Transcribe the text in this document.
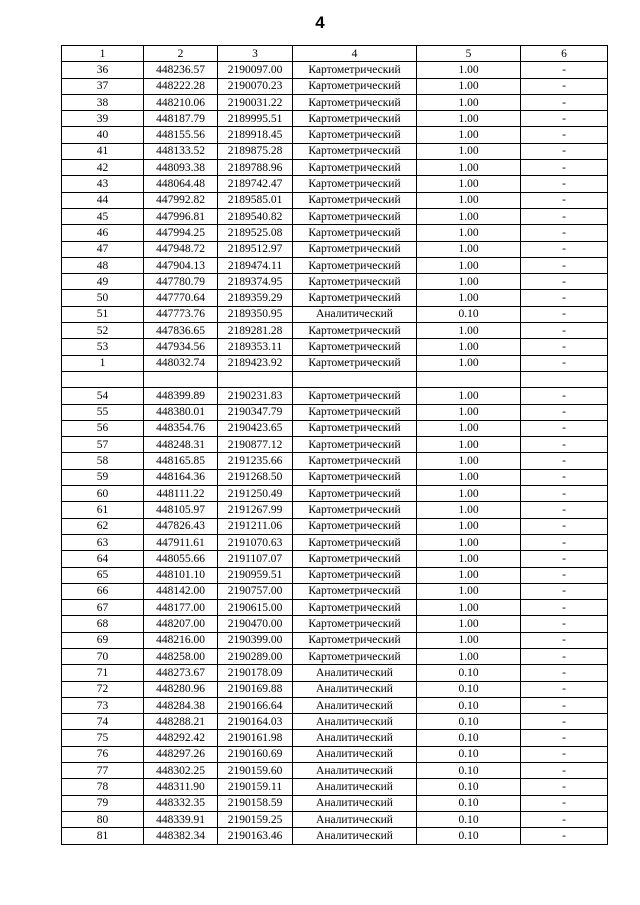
4
1	2	3	4	5	6
36	448236.57	2190097.00	Картометрический	1.00	-
37	448222.28	2190070.23	Картометрический	1.00	-
38	448210.06	2190031.22	Картометрический	1.00	-
39	448187.79	2189995.51	Картометрический	1.00	-
40	448155.56	2189918.45	Картометрический	1.00	-
41	448133.52	2189875.28	Картометрический	1.00	-
42	448093.38	2189788.96	Картометрический	1.00	-
43	448064.48	2189742.47	Картометрический	1.00	-
44	447992.82	2189585.01	Картометрический	1.00	-
45	447996.81	2189540.82	Картометрический	1.00	-
46	447994.25	2189525.08	Картометрический	1.00	-
47	447948.72	2189512.97	Картометрический	1.00	-
48	447904.13	2189474.11	Картометрический	1.00	-
49	447780.79	2189374.95	Картометрический	1.00	-
50	447770.64	2189359.29	Картометрический	1.00	-
51	447773.76	2189350.95	Аналитический	0.10	-
52	447836.65	2189281.28	Картометрический	1.00	-
53	447934.56	2189353.11	Картометрический	1.00	-
1	448032.74	2189423.92	Картометрический	1.00	-

54	448399.89	2190231.83	Картометрический	1.00	-
55	448380.01	2190347.79	Картометрический	1.00	-
56	448354.76	2190423.65	Картометрический	1.00	-
57	448248.31	2190877.12	Картометрический	1.00	-
58	448165.85	2191235.66	Картометрический	1.00	-
59	448164.36	2191268.50	Картометрический	1.00	-
60	448111.22	2191250.49	Картометрический	1.00	-
61	448105.97	2191267.99	Картометрический	1.00	-
62	447826.43	2191211.06	Картометрический	1.00	-
63	447911.61	2191070.63	Картометрический	1.00	-
64	448055.66	2191107.07	Картометрический	1.00	-
65	448101.10	2190959.51	Картометрический	1.00	-
66	448142.00	2190757.00	Картометрический	1.00	-
67	448177.00	2190615.00	Картометрический	1.00	-
68	448207.00	2190470.00	Картометрический	1.00	-
69	448216.00	2190399.00	Картометрический	1.00	-
70	448258.00	2190289.00	Картометрический	1.00	-
71	448273.67	2190178.09	Аналитический	0.10	-
72	448280.96	2190169.88	Аналитический	0.10	-
73	448284.38	2190166.64	Аналитический	0.10	-
74	448288.21	2190164.03	Аналитический	0.10	-
75	448292.42	2190161.98	Аналитический	0.10	-
76	448297.26	2190160.69	Аналитический	0.10	-
77	448302.25	2190159.60	Аналитический	0.10	-
78	448311.90	2190159.11	Аналитический	0.10	-
79	448332.35	2190158.59	Аналитический	0.10	-
80	448339.91	2190159.25	Аналитический	0.10	-
81	448382.34	2190163.46	Аналитический	0.10	-
